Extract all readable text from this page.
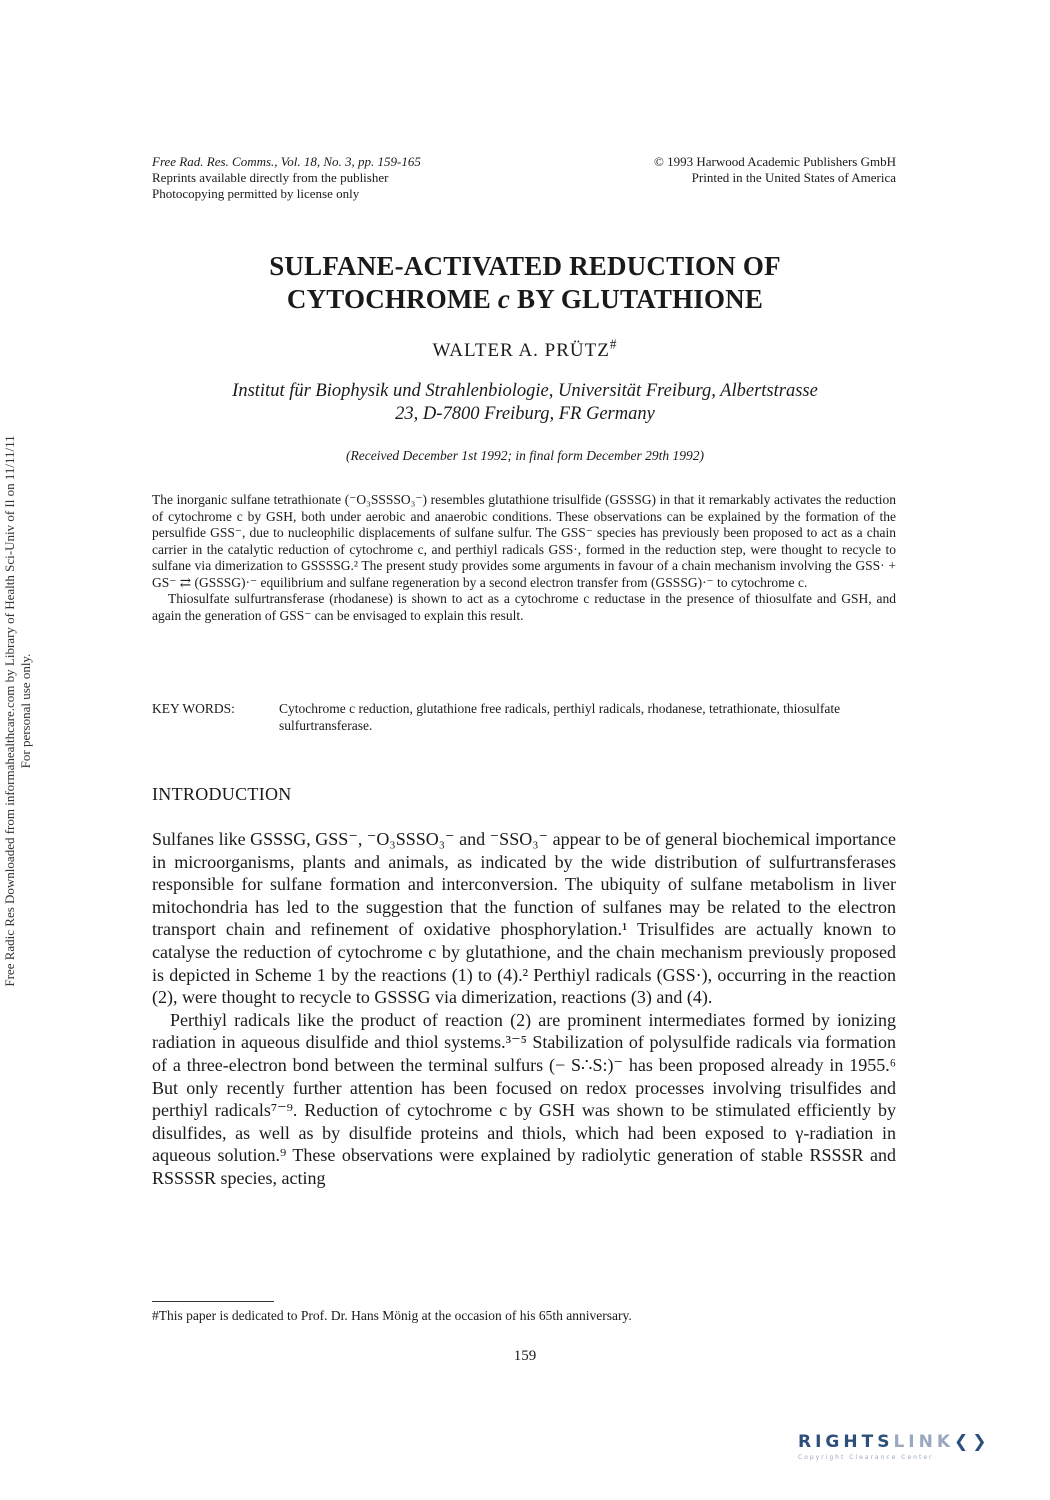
Free Rad. Res. Comms., Vol. 18, No. 3, pp. 159-165
Reprints available directly from the publisher
Photocopying permitted by license only
© 1993 Harwood Academic Publishers GmbH
Printed in the United States of America
SULFANE-ACTIVATED REDUCTION OF
CYTOCHROME c BY GLUTATHIONE
WALTER A. PRÜTZ#
Institut für Biophysik und Strahlenbiologie, Universität Freiburg, Albertstrasse
23, D-7800 Freiburg, FR Germany
(Received December 1st 1992; in final form December 29th 1992)

The inorganic sulfane tetrathionate (⁻O₃SSSSO₃⁻) resembles glutathione trisulfide (GSSSG) in that it remarkably activates the reduction of cytochrome c by GSH, both under aerobic and anaerobic conditions. These observations can be explained by the formation of the persulfide GSS⁻, due to nucleophilic displacements of sulfane sulfur. The GSS⁻ species has previously been proposed to act as a chain carrier in the catalytic reduction of cytochrome c, and perthiyl radicals GSS·, formed in the reduction step, were thought to recycle to sulfane via dimerization to GSSSSG.² The present study provides some arguments in favour of a chain mechanism involving the GSS· + GS⁻ ⇄ (GSSSG)·⁻ equilibrium and sulfane regeneration by a second electron transfer from (GSSSG)·⁻ to cytochrome c.

Thiosulfate sulfurtransferase (rhodanese) is shown to act as a cytochrome c reductase in the presence of thiosulfate and GSH, and again the generation of GSS⁻ can be envisaged to explain this result.

KEY WORDS:	Cytochrome c reduction, glutathione free radicals, perthiyl radicals, rhodanese, tetrathionate, thiosulfate sulfurtransferase.
INTRODUCTION

Sulfanes like GSSSG, GSS⁻, ⁻O₃SSSO₃⁻ and ⁻SSO₃⁻ appear to be of general biochemical importance in microorganisms, plants and animals, as indicated by the wide distribution of sulfurtransferases responsible for sulfane formation and interconversion. The ubiquity of sulfane metabolism in liver mitochondria has led to the suggestion that the function of sulfanes may be related to the electron transport chain and refinement of oxidative phosphorylation.¹ Trisulfides are actually known to catalyse the reduction of cytochrome c by glutathione, and the chain mechanism previously proposed is depicted in Scheme 1 by the reactions (1) to (4).² Perthiyl radicals (GSS·), occurring in the reaction (2), were thought to recycle to GSSSG via dimerization, reactions (3) and (4).

Perthiyl radicals like the product of reaction (2) are prominent intermediates formed by ionizing radiation in aqueous disulfide and thiol systems.³⁻⁵ Stabilization of polysulfide radicals via formation of a three-electron bond between the terminal sulfurs (− S∴S:)⁻ has been proposed already in 1955.⁶ But only recently further attention has been focused on redox processes involving trisulfides and perthiyl radicals⁷⁻⁹. Reduction of cytochrome c by GSH was shown to be stimulated efficiently by disulfides, as well as by disulfide proteins and thiols, which had been exposed to γ-radiation in aqueous solution.⁹ These observations were explained by radiolytic generation of stable RSSSR and RSSSSR species, acting

#This paper is dedicated to Prof. Dr. Hans Mönig at the occasion of his 65th anniversary.
159
Free Radic Res Downloaded from informahealthcare.com by Library of Health Sci-Univ of Il on 11/11/11 For personal use only.
RIGHTSLINK❮❯
Copyright Clearance Center
